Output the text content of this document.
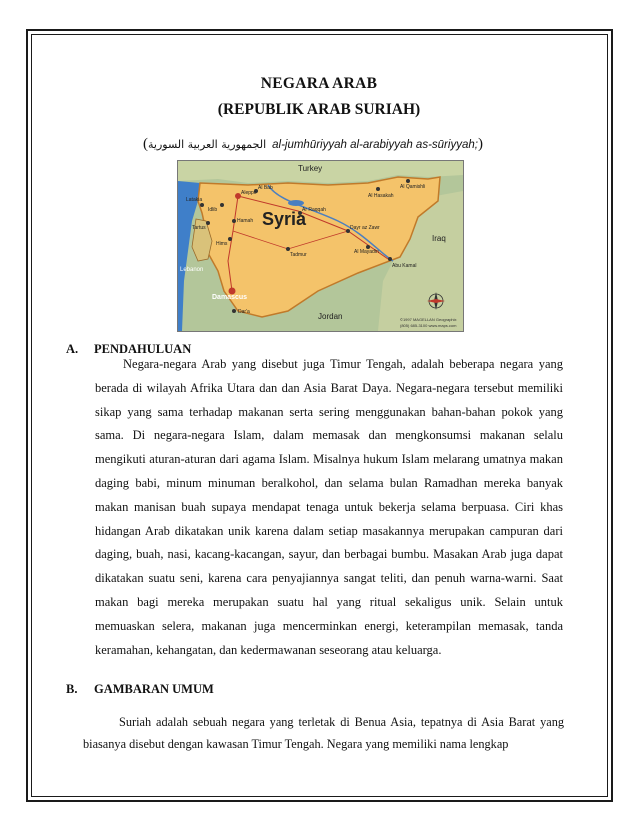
NEGARA ARAB
(REPUBLIK ARAB SURIAH)
(الجمهورية العربية السورية al-jumhūriyyah al-arabiyyah as-sūriyyah;)
Turkey
Iraq
Jordan
Lebanon
Syria
Damascus
Aleppo
Hims
Hamah
Latakia
Tartus
Ar Raqqah
Dayr az Zawr
Al Hasakah
Al Qamishli
Tadmur
Dar'a
Idlib
Abu Kamal
Al Mayadin
Al Bab
©1997 MAGELLAN Geographix
(805) 685-3100 www.maps.com
A. PENDAHULUAN

Negara-negara Arab yang disebut juga Timur Tengah, adalah beberapa negara yang berada di wilayah Afrika Utara dan dan Asia Barat Daya. Negara-negara tersebut memiliki sikap yang sama terhadap makanan serta sering menggunakan bahan-bahan pokok yang sama. Di negara-negara Islam, dalam memasak dan mengkonsumsi makanan selalu mengikuti aturan-aturan dari agama Islam. Misalnya hukum Islam melarang umatnya makan daging babi, minum minuman beralkohol, dan selama bulan Ramadhan mereka banyak makan manisan buah supaya mendapat tenaga untuk bekerja selama berpuasa. Ciri khas hidangan Arab dikatakan unik karena dalam setiap masakannya merupakan campuran dari daging, buah, nasi, kacang-kacangan, sayur, dan berbagai bumbu. Masakan Arab juga dapat dikatakan suatu seni, karena cara penyajiannya sangat teliti, dan penuh warna-warni. Saat makan bagi mereka merupakan suatu hal yang ritual sekaligus unik. Selain untuk memuaskan selera, makanan juga mencerminkan energi, keterampilan memasak, tanda keramahan, kehangatan, dan kedermawanan seseorang atau keluarga.

B. GAMBARAN UMUM

Suriah adalah sebuah negara yang terletak di Benua Asia, tepatnya di Asia Barat yang biasanya disebut dengan kawasan Timur Tengah. Negara yang memiliki nama lengkap
